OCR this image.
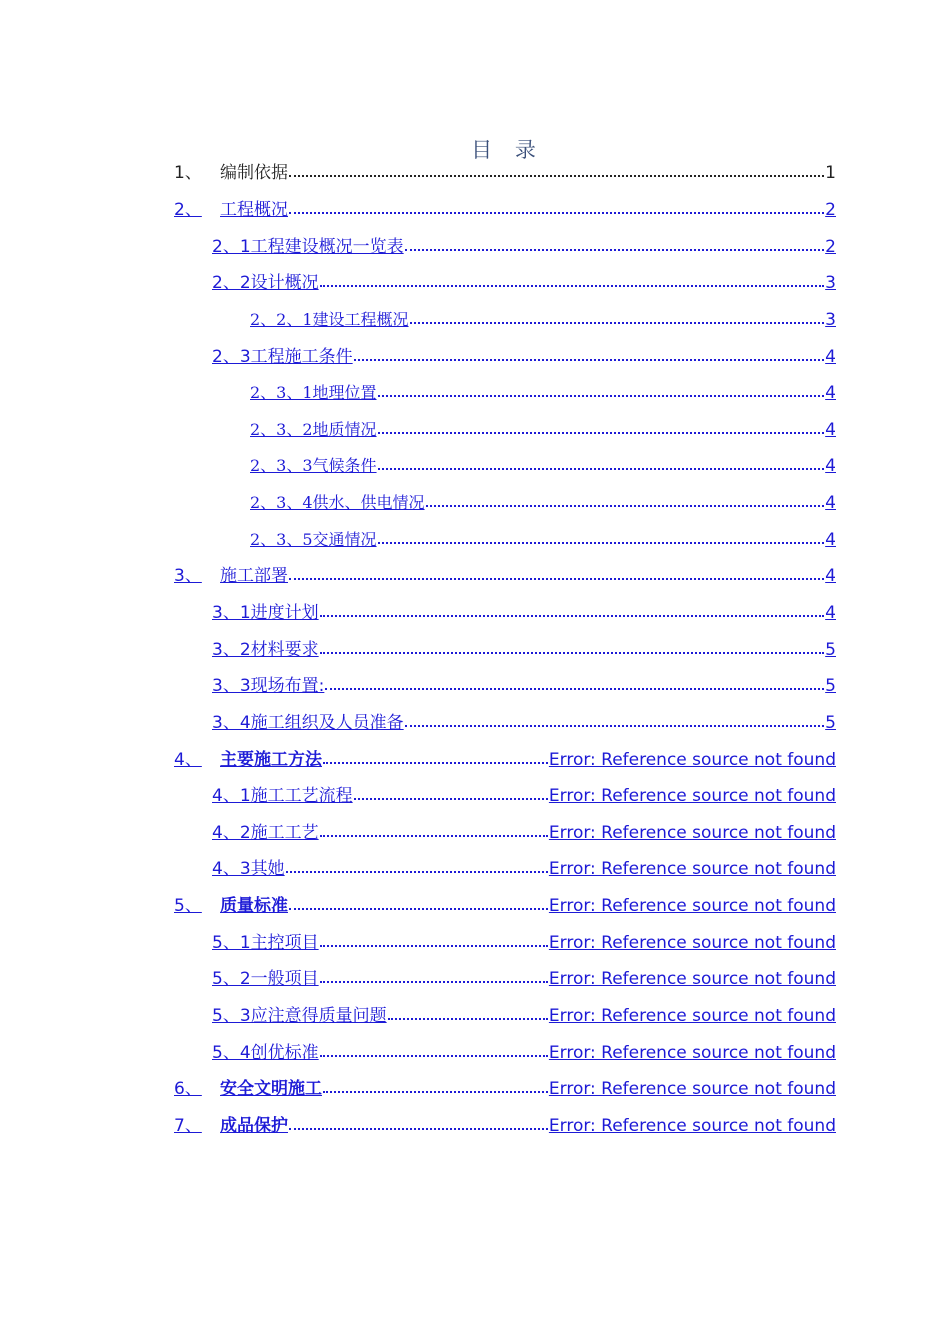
目 录
1、	编制依据	1
2、	工程概况	2
2、1工程建设概况一览表	2
2、2设计概况	3
2、2、1建设工程概况	3
2、3工程施工条件	4
2、3、1地理位置	4
2、3、2地质情况	4
2、3、3气候条件	4
2、3、4供水、供电情况	4
2、3、5交通情况	4
3、	施工部署	4
3、1进度计划	4
3、2材料要求	5
3、3现场布置:	5
3、4施工组织及人员准备	5
4、	主要施工方法	Error: Reference source not found
4、1施工工艺流程	Error: Reference source not found
4、2施工工艺	Error: Reference source not found
4、3其她	Error: Reference source not found
5、	质量标准	Error: Reference source not found
5、1主控项目	Error: Reference source not found
5、2一般项目	Error: Reference source not found
5、3应注意得质量问题	Error: Reference source not found
5、4创优标准	Error: Reference source not found
6、	安全文明施工	Error: Reference source not found
7、	成品保护	Error: Reference source not found
